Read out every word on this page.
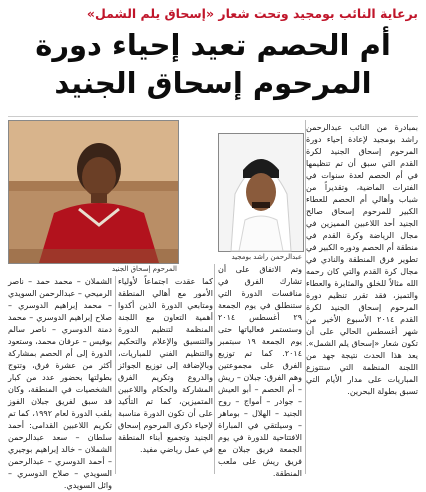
برعاية النائب بومجيد وتحت شعار «إسحاق يلم الشمل»
أم الحصم تعيد إحياء دورة
المرحوم إسحاق الجنيد
المرحوم إسحاق الجنيد
عبدالرحمن راشد بومجيد

بمبادرة من النائب عبدالرحمن راشد بومجيد لإعادة إحياء دورة المرحوم إسحاق الجنيد لكرة القدم التي سبق أن تم تنظيمها في أم الحصم لعدة سنوات في الفترات الماضية، وتقديراً من شباب وأهالي أم الحصم للعطاء الكبير للمرحوم إسحاق صالح الجنيد أحد اللاعبين المميزين في مجال الرياضة وكرة القدم في منطقة أم الحصم ودوره الكبير في تطوير فرق المنطقة والنادي في مجال كرة القدم والتي كان رحمه الله مثالاً للخلق والمثابرة والعطاء والتميز، فقد تقرر تنظيم دورة المرحوم إسحاق الجنيد لكرة القدم ٢٠١٤ الأسبوع الأخير من شهر أغسطس الحالي على أن تكون شعار «إسحاق يلم الشمل». يعد هذا الحدث نتيجة جهد من اللجنة المنظمة التي ستتوزع المباريات على مدار الأيام التي تسبق بطولة البحرين.

وتم الاتفاق على أن تشارك الفرق في منافسات الدورة التي ستنطلق في يوم الجمعة ٢٩ أغسطس ٢٠١٤ وستستمر فعالياتها حتى يوم الجمعة ١٩ سبتمبر ٢٠١٤. كما تم توزيع الفرق على مجموعتين وهم الفرق: جبلان – ريش – أم الحصم – أبو العيش – جوادر – أمواج – روح الجنيد – الهلال – بوماهر – وسيلتقي في المباراة الافتتاحية للدورة في يوم الجمعة فريق جبلان مع فريق ريش على ملعب المنطقة.

كما عقدت اجتماعاً لأولياء الأمور مع أهالي المنطقة ومتابعي الدورة الذين أكدوا أهمية التعاون مع اللجنة المنظمة لتنظيم الدورة والتنسيق والإعلام والتحكيم والتنظيم الفني للمباريات، وبالإضافة إلى توزيع الجوائز والدروع وتكريم الفرق المشاركة والحكام واللاعبين المتميزين، كما تم التأكيد على أن تكون الدورة مناسبة لإحياء ذكرى المرحوم إسحاق الجنيد وتجميع أبناء المنطقة في عمل رياضي مفيد.

الشملان – محمد حمد – ناصر الرميحي – عبدالرحمن السويدي – محمد إبراهيم الدوسري – صلاح إبراهيم الدوسري – محمد دمنة الدوسري – ناصر سالم بوقيس – عرفان محمد، وستعود الدورة إلى أم الحصم بمشاركة أكثر من عشرة فرق، وتتوج بطولتها بحضور عدد من كبار الشخصيات في المنطقة، وكان قد سبق لفريق جبلان الفوز بلقب الدورة لعام ١٩٩٢، كما تم تكريم اللاعبين القدامى: أحمد سلطان – سعد عبدالرحمن الشملان – خالد إبراهيم بوجيري – أحمد الدوسري – عبدالرحمن السويدي – صلاح الدوسري – وائل السويدي.
